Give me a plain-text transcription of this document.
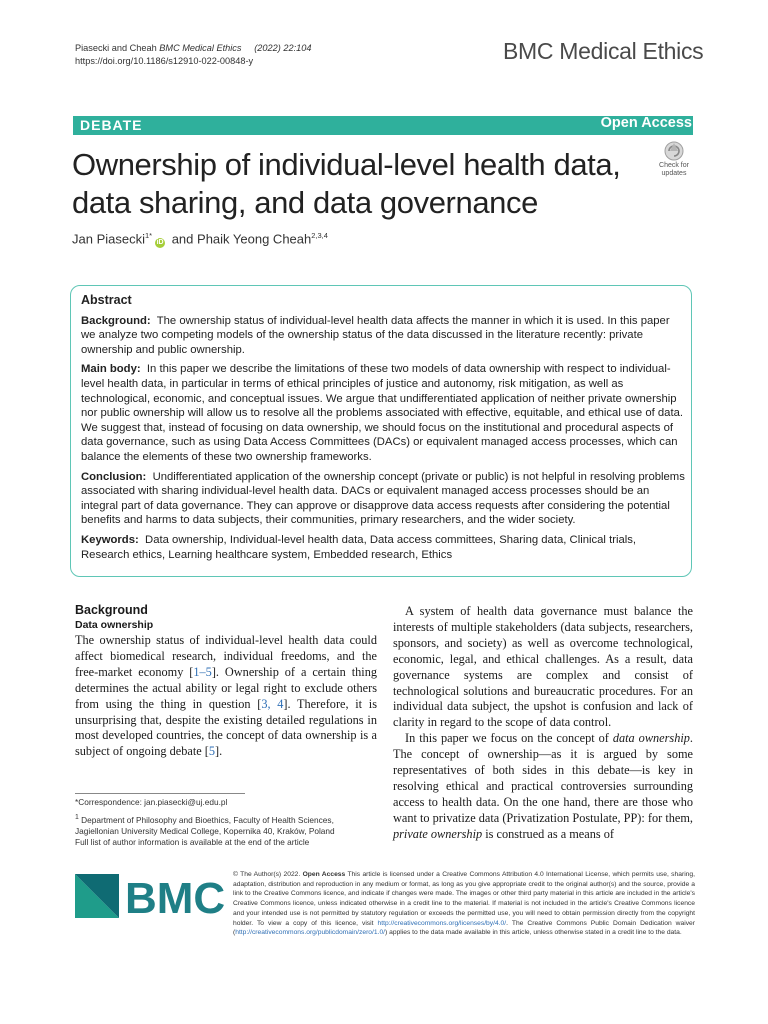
Piasecki and Cheah BMC Medical Ethics (2022) 22:104
https://doi.org/10.1186/s12910-022-00848-y	BMC Medical Ethics
DEBATE	Open Access
Ownership of individual-level health data, data sharing, and data governance
Check for updates
Jan Piasecki$^{1*}$iD and Phaik Yeong Cheah$^{2,3,4}$
Abstract

Background: The ownership status of individual-level health data affects the manner in which it is used. In this paper we analyze two competing models of the ownership status of the data discussed in the literature recently: private ownership and public ownership.

Main body: In this paper we describe the limitations of these two models of data ownership with respect to individual-level health data, in particular in terms of ethical principles of justice and autonomy, risk mitigation, as well as technological, economic, and conceptual issues. We argue that undifferentiated application of neither private ownership nor public ownership will allow us to resolve all the problems associated with effective, equitable, and ethical use of data. We suggest that, instead of focusing on data ownership, we should focus on the institutional and procedural aspects of data governance, such as using Data Access Committees (DACs) or equivalent managed access processes, which can balance the elements of these two ownership frameworks.

Conclusion: Undifferentiated application of the ownership concept (private or public) is not helpful in resolving problems associated with sharing individual-level health data. DACs or equivalent managed access processes should be an integral part of data governance. They can approve or disapprove data access requests after considering the potential benefits and harms to data subjects, their communities, primary researchers, and the wider society.

Keywords: Data ownership, Individual-level health data, Data access committees, Sharing data, Clinical trials, Research ethics, Learning healthcare system, Embedded research, Ethics

Background
Data ownership

The ownership status of individual-level health data could affect biomedical research, individual freedoms, and the free-market economy [1–5]. Ownership of a certain thing determines the actual ability or legal right to exclude others from using the thing in question [3, 4]. Therefore, it is unsurprising that, despite the existing detailed regulations in most developed countries, the concept of data ownership is a subject of ongoing debate [5].

A system of health data governance must balance the interests of multiple stakeholders (data subjects, researchers, sponsors, and society) as well as overcome technological, economic, legal, and ethical challenges. As a result, data governance systems are complex and consist of technological solutions and bureaucratic procedures. For an individual data subject, the upshot is confusion and lack of clarity in regard to the scope of data control.

In this paper we focus on the concept of data ownership. The concept of ownership—as it is argued by some representatives of both sides in this debate—is key in resolving ethical and practical controversies surrounding access to health data. On the one hand, there are those who want to privatize data (Privatization Postulate, PP): for them, private ownership is construed as a means of

*Correspondence: jan.piasecki@uj.edu.pl

$^1$ Department of Philosophy and Bioethics, Faculty of Health Sciences, Jagiellonian University Medical College, Kopernika 40, Kraków, Poland
Full list of author information is available at the end of the article

BMC © The Author(s) 2022. Open Access This article is licensed under a Creative Commons Attribution 4.0 International License, which permits use, sharing, adaptation, distribution and reproduction in any medium or format, as long as you give appropriate credit to the original author(s) and the source, provide a link to the Creative Commons licence, and indicate if changes were made. The images or other third party material in this article are included in the article's Creative Commons licence, unless indicated otherwise in a credit line to the material. If material is not included in the article's Creative Commons licence and your intended use is not permitted by statutory regulation or exceeds the permitted use, you will need to obtain permission directly from the copyright holder. To view a copy of this licence, visit http://creativecommons.org/licenses/by/4.0/. The Creative Commons Public Domain Dedication waiver (http://creativecommons.org/publicdomain/zero/1.0/) applies to the data made available in this article, unless otherwise stated in a credit line to the data.
